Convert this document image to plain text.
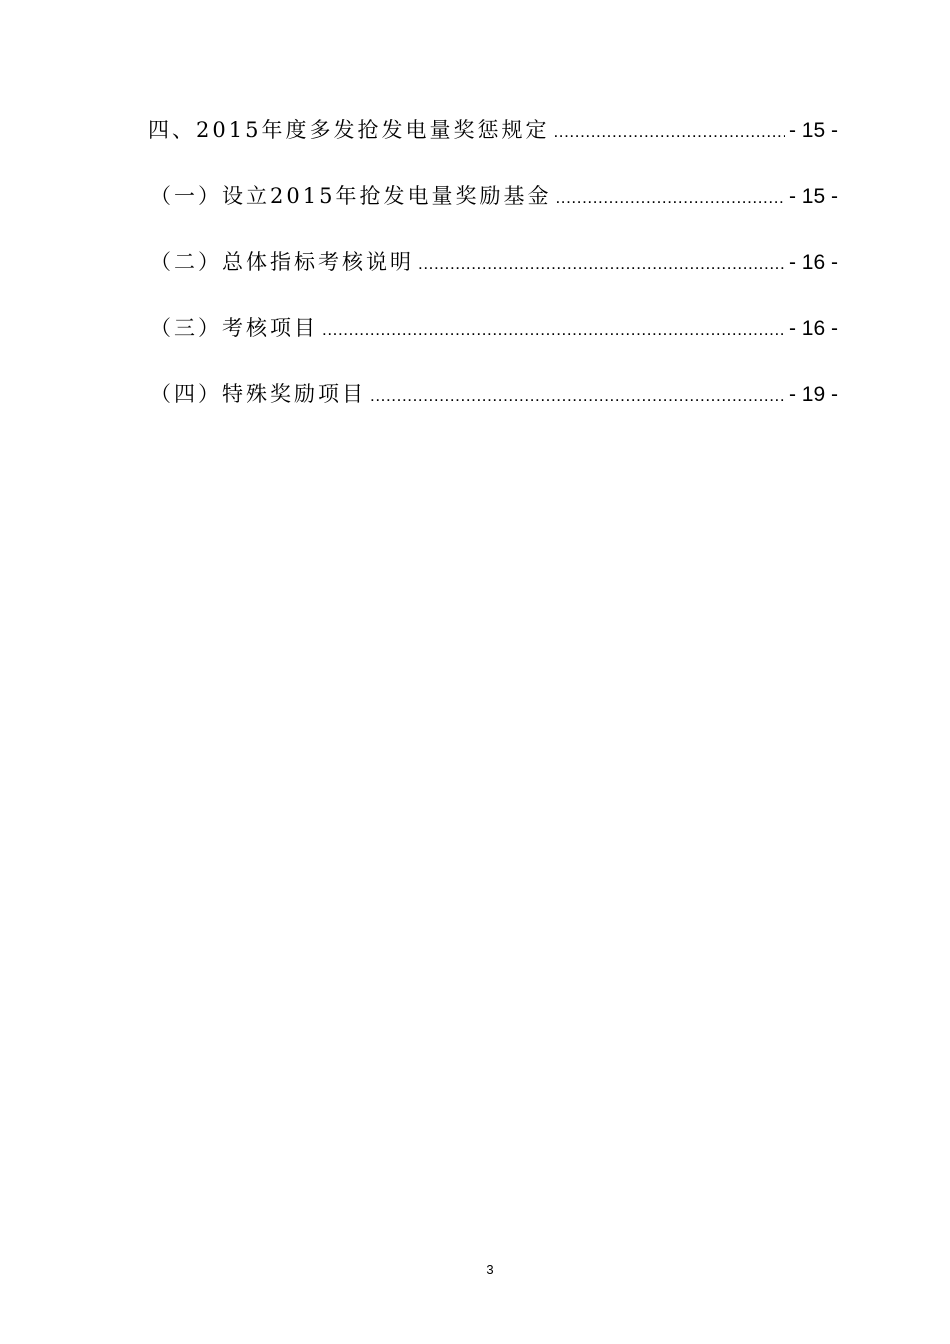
四、2015年度多发抢发电量奖惩规定 .....	- 15 -
（一）设立2015年抢发电量奖励基金 .....	- 15 -
（二）总体指标考核说明 .....	- 16 -
（三）考核项目 .....	- 16 -
（四）特殊奖励项目 .....	- 19 -
3
